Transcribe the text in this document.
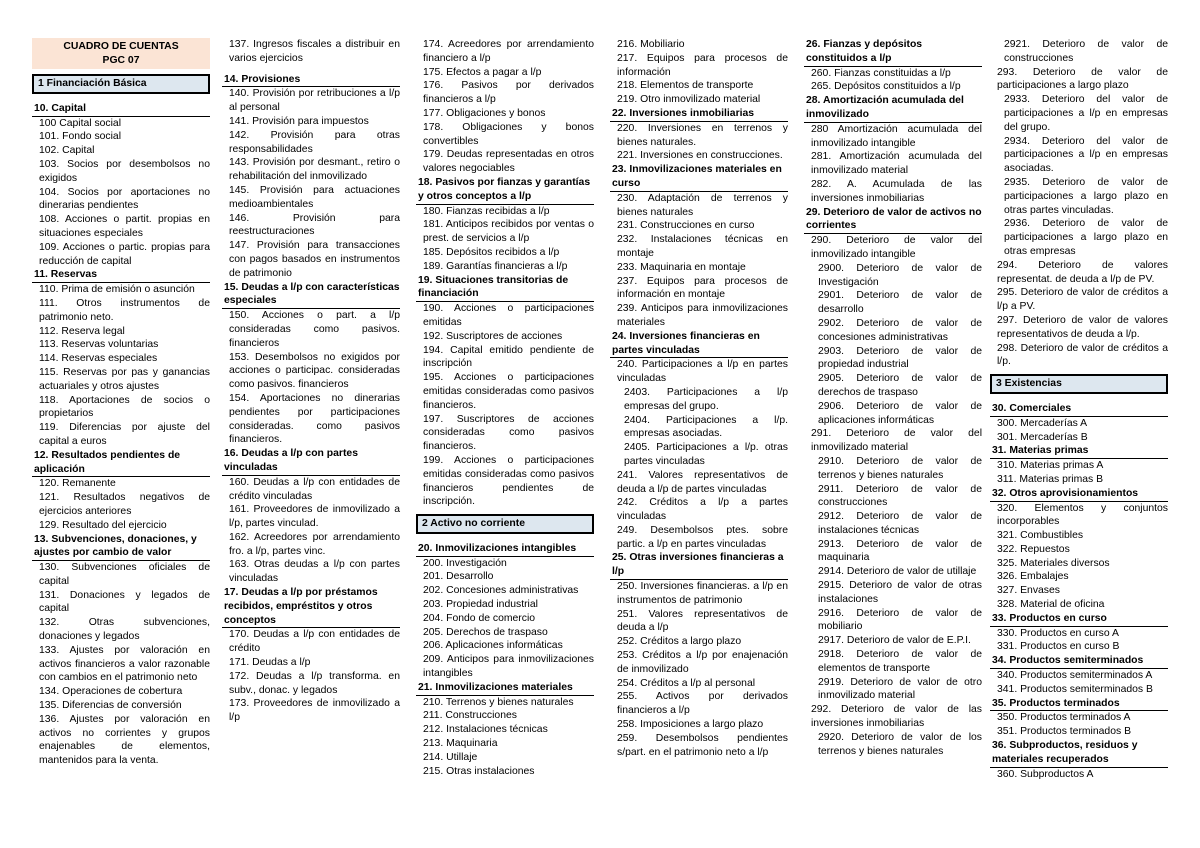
CUADRO DE CUENTAS
PGC 07
1 Financiación Básica

10. Capital

100 Capital social

101. Fondo social

102. Capital

103. Socios por desembolsos no exigidos

104. Socios por aportaciones no dinerarias pendientes

108. Acciones o partit. propias en situaciones especiales

109. Acciones o partic. propias para reducción de capital

11. Reservas

110. Prima de emisión o asunción

111. Otros instrumentos de patrimonio neto.

112. Reserva legal

113. Reservas voluntarias

114. Reservas especiales

115. Reservas por pas y ganancias actuariales y otros ajustes

118. Aportaciones de socios o propietarios

119. Diferencias por ajuste del capital a euros

12. Resultados pendientes de aplicación

120. Remanente

121. Resultados negativos de ejercicios anteriores

129. Resultado del ejercicio

13. Subvenciones, donaciones, y ajustes por cambio de valor

130. Subvenciones oficiales de capital

131. Donaciones y legados de capital

132. Otras subvenciones, donaciones y legados

133. Ajustes por valoración en activos financieros a valor razonable con cambios en el patrimonio neto

134. Operaciones de cobertura

135. Diferencias de conversión

136. Ajustes por valoración en activos no corrientes y grupos enajenables de elementos, mantenidos para la venta.

137. Ingresos fiscales a distribuir en varios ejercicios

14. Provisiones

140. Provisión por retribuciones a l/p al personal

141. Provisión para impuestos

142. Provisión para otras responsabilidades

143. Provisión por desmant., retiro o rehabilitación del inmovilizado

145. Provisión para actuaciones medioambientales

146. Provisión para reestructuraciones

147. Provisión para transacciones con pagos basados en instrumentos de patrimonio

15. Deudas a l/p con características especiales

150. Acciones o part. a l/p consideradas como pasivos. financieros

153. Desembolsos no exigidos por acciones o participac. consideradas como pasivos. financieros

154. Aportaciones no dinerarias pendientes por participaciones consideradas. como pasivos financieros.

16. Deudas a l/p con partes vinculadas

160. Deudas a l/p con entidades de crédito vinculadas

161. Proveedores de inmovilizado a l/p, partes vinculad.

162. Acreedores por arrendamiento fro. a l/p, partes vinc.

163. Otras deudas a l/p con partes vinculadas

17. Deudas a l/p por préstamos recibidos, empréstitos y otros conceptos

170. Deudas a l/p con entidades de crédito

171. Deudas a l/p

172. Deudas a l/p transforma. en subv., donac. y legados

173. Proveedores de inmovilizado a l/p

174. Acreedores por arrendamiento financiero a l/p

175. Efectos a pagar a l/p

176. Pasivos por derivados financieros a l/p

177. Obligaciones y bonos

178. Obligaciones y bonos convertibles

179. Deudas representadas en otros valores negociables

18. Pasivos por fianzas y garantías y otros conceptos a l/p

180. Fianzas recibidas a l/p

181. Anticipos recibidos por ventas o prest. de servicios a l/p

185. Depósitos recibidos a l/p

189. Garantías financieras a l/p

19. Situaciones transitorias de financiación

190. Acciones o participaciones emitidas

192. Suscriptores de acciones

194. Capital emitido pendiente de inscripción

195. Acciones o participaciones emitidas consideradas como pasivos financieros.

197. Suscriptores de acciones consideradas como pasivos financieros.

199. Acciones o participaciones emitidas consideradas como pasivos financieros pendientes de inscripción.

2 Activo no corriente

20. Inmovilizaciones intangibles

200. Investigación

201. Desarrollo

202. Concesiones administrativas

203. Propiedad industrial

204. Fondo de comercio

205. Derechos de traspaso

206. Aplicaciones informáticas

209. Anticipos para inmovilizaciones intangibles

21. Inmovilizaciones materiales

210. Terrenos y bienes naturales

211. Construcciones

212. Instalaciones técnicas

213. Maquinaria

214. Utillaje

215. Otras instalaciones

216. Mobiliario

217. Equipos para procesos de información

218. Elementos de transporte

219. Otro inmovilizado material

22. Inversiones inmobiliarias

220. Inversiones en terrenos y bienes naturales.

221. Inversiones en construcciones.

23. Inmovilizaciones materiales en curso

230. Adaptación de terrenos y bienes naturales

231. Construcciones en curso

232. Instalaciones técnicas en montaje

233. Maquinaria en montaje

237. Equipos para procesos de información en montaje

239. Anticipos para inmovilizaciones materiales

24. Inversiones financieras en partes vinculadas

240. Participaciones a l/p en partes vinculadas

2403. Participaciones a l/p empresas del grupo.

2404. Participaciones a l/p. empresas asociadas.

2405. Participaciones a l/p. otras partes vinculadas

241. Valores representativos de deuda a l/p de partes vinculadas

242. Créditos a l/p a partes vinculadas

249. Desembolsos ptes. sobre partic. a l/p en partes vinculadas

25. Otras inversiones financieras a l/p

250. Inversiones financieras. a l/p en instrumentos de patrimonio

251. Valores representativos de deuda a l/p

252. Créditos a largo plazo

253. Créditos a l/p por enajenación de inmovilizado

254. Créditos a l/p al personal

255. Activos por derivados financieros a l/p

258. Imposiciones a largo plazo

259. Desembolsos pendientes s/part. en el patrimonio neto a l/p

26. Fianzas y depósitos constituidos a l/p

260. Fianzas constituidas a l/p

265. Depósitos constituidos a l/p

28. Amortización acumulada del inmovilizado

280 Amortización acumulada del inmovilizado intangible

281. Amortización acumulada del inmovilizado material

282. A. Acumulada de las inversiones inmobiliarias

29. Deterioro de valor de activos no corrientes

290. Deterioro de valor del inmovilizado intangible

2900. Deterioro de valor de Investigación

2901. Deterioro de valor de desarrollo

2902. Deterioro de valor de concesiones administrativas

2903. Deterioro de valor de propiedad industrial

2905. Deterioro de valor de derechos de traspaso

2906. Deterioro de valor de aplicaciones informáticas

291. Deterioro de valor del inmovilizado material

2910. Deterioro de valor de terrenos y bienes naturales

2911. Deterioro de valor de construcciones

2912. Deterioro de valor de instalaciones técnicas

2913. Deterioro de valor de maquinaria

2914. Deterioro de valor de utillaje

2915. Deterioro de valor de otras instalaciones

2916. Deterioro de valor de mobiliario

2917. Deterioro de valor de E.P.I.

2918. Deterioro de valor de elementos de transporte

2919. Deterioro de valor de otro inmovilizado material

292. Deterioro de valor de las inversiones inmobiliarias

2920. Deterioro de valor de los terrenos y bienes naturales

2921. Deterioro de valor de construcciones

293. Deterioro de valor de participaciones a largo plazo

2933. Deterioro del valor de participaciones a l/p en empresas del grupo.

2934. Deterioro del valor de participaciones a l/p en empresas asociadas.

2935. Deterioro de valor de participaciones a largo plazo en otras partes vinculadas.

2936. Deterioro de valor de participaciones a largo plazo en otras empresas

294. Deterioro de valores representat. de deuda a l/p de PV.

295. Deterioro de valor de créditos a l/p a PV.

297. Deterioro de valor de valores representativos de deuda a l/p.

298. Deterioro de valor de créditos a l/p.

3 Existencias

30. Comerciales

300. Mercaderías A

301. Mercaderías B

31. Materias primas

310. Materias primas A

311. Materias primas B

32. Otros aprovisionamientos

320. Elementos y conjuntos incorporables

321. Combustibles

322. Repuestos

325. Materiales diversos

326. Embalajes

327. Envases

328. Material de oficina

33. Productos en curso

330. Productos en curso A

331. Productos en curso B

34. Productos semiterminados

340. Productos semiterminados A

341. Productos semiterminados B

35. Productos terminados

350. Productos terminados A

351. Productos terminados B

36. Subproductos, residuos y materiales recuperados

360. Subproductos A
